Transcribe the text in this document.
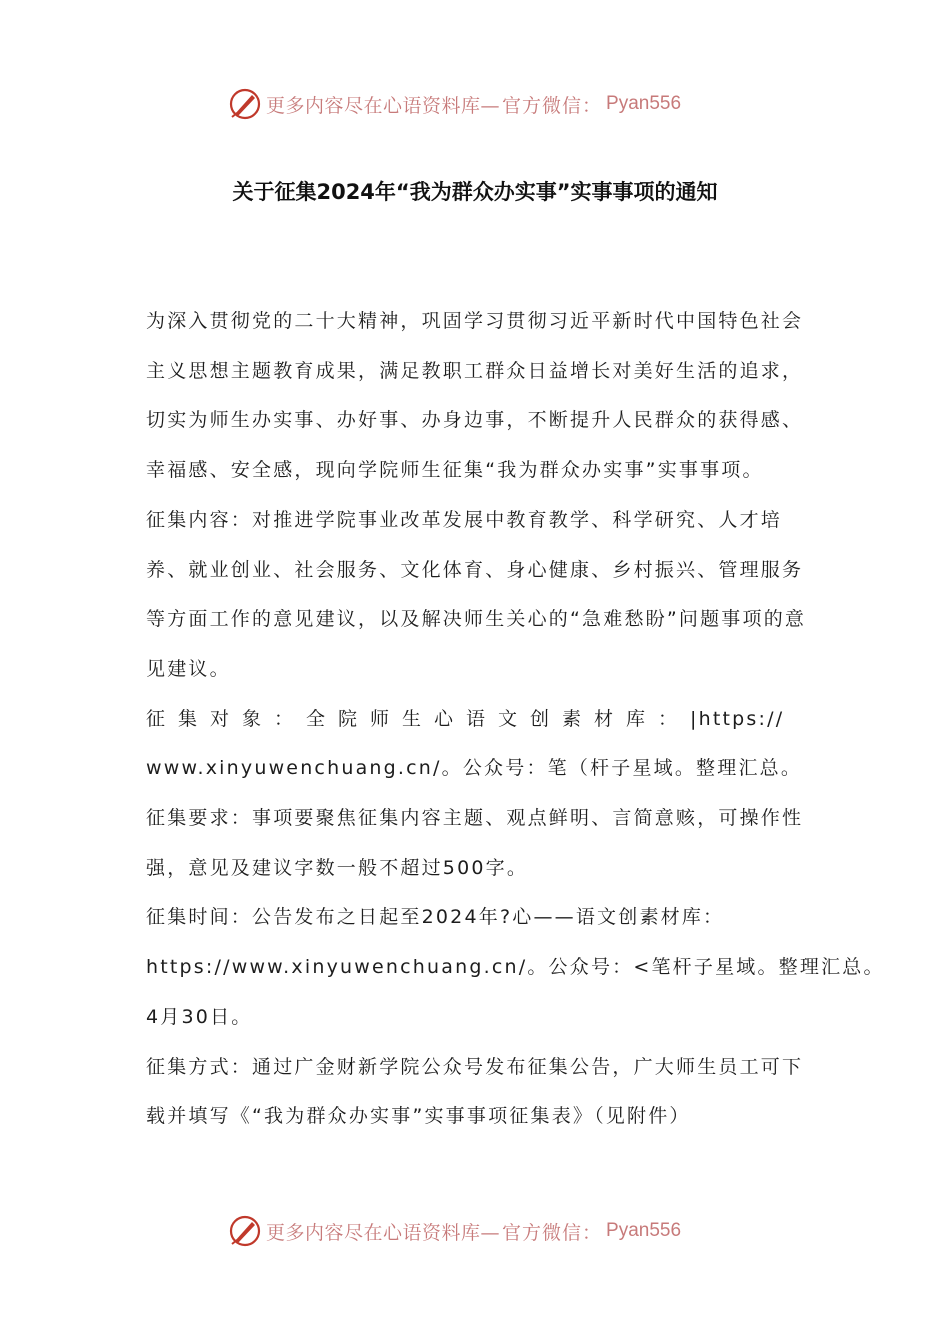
更多内容尽在心语资料库— 官方微信： Pyan556
关于征集2024年“我为群众办实事”实事事项的通知

为深入贯彻党的二十大精神，巩固学习贯彻习近平新时代中国特色社会主义思想主题教育成果，满足教职工群众日益增长对美好生活的追求，切实为师生办实事、办好事、办身边事，不断提升人民群众的获得感、幸福感、安全感，现向学院师生征集“我为群众办实事”实事事项。

征集内容：对推进学院事业改革发展中教育教学、科学研究、人才培养、就业创业、社会服务、文化体育、身心健康、乡村振兴、管理服务等方面工作的意见建议，以及解决师生关心的“急难愁盼”问题事项的意见建议。

征集对象：全院师生心语文创素材库：|https://
www.xinyuwenchuang.cn/。公众号：笔（杆子星域。整理汇总。

征集要求：事项要聚焦征集内容主题、观点鲜明、言简意赅，可操作性强，意见及建议字数一般不超过500字。

征集时间：公告发布之日起至2024年?心——语文创素材库：
https://www.xinyuwenchuang.cn/。公众号：<笔杆子星域。整理汇总。
4月30日。

征集方式：通过广金财新学院公众号发布征集公告，广大师生员工可下载并填写《“我为群众办实事”实事事项征集表》（见附件）

更多内容尽在心语资料库— 官方微信： Pyan556
